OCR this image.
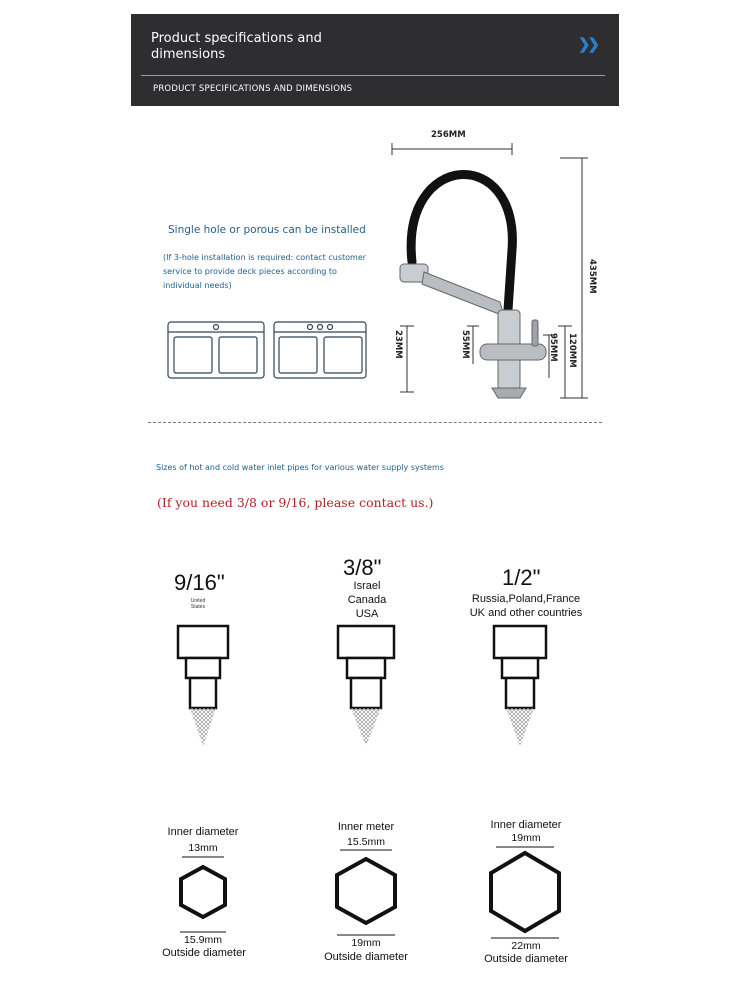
Product specifications and dimensions
❯❯
PRODUCT SPECIFICATIONS AND DIMENSIONS
Single hole or porous can be installed
(If 3-hole installation is required: contact customer service to provide deck pieces according to individual needs)
256MM
435MM
23MM	55MM	95MM 120MM
Sizes of hot and cold water inlet pipes for various water supply systems
(If you need 3/8 or 9/16, please contact us.)
9/16"
United
States
3/8"
Israel
Canada
USA
1/2"
Russia,Poland,France
UK and other countries
Inner diameter	Inner meter	Inner diameter
13mm	15.5mm	19mm
15.9mm	19mm	22mm
Outside diameter	Outside diameter	Outside diameter
